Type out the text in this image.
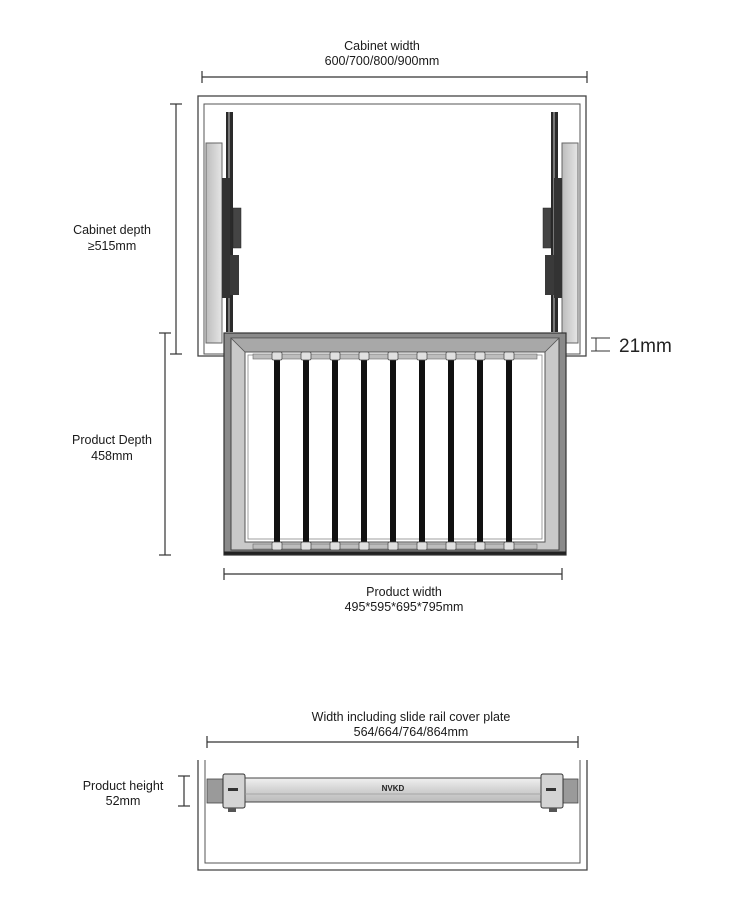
Cabinet width
600/700/800/900mm
Cabinet depth
≥515mm
21mm
Product Depth
458mm
Product width
495*595*695*795mm
Width including slide rail cover plate
564/664/764/864mm
NVKD
Product height
52mm
